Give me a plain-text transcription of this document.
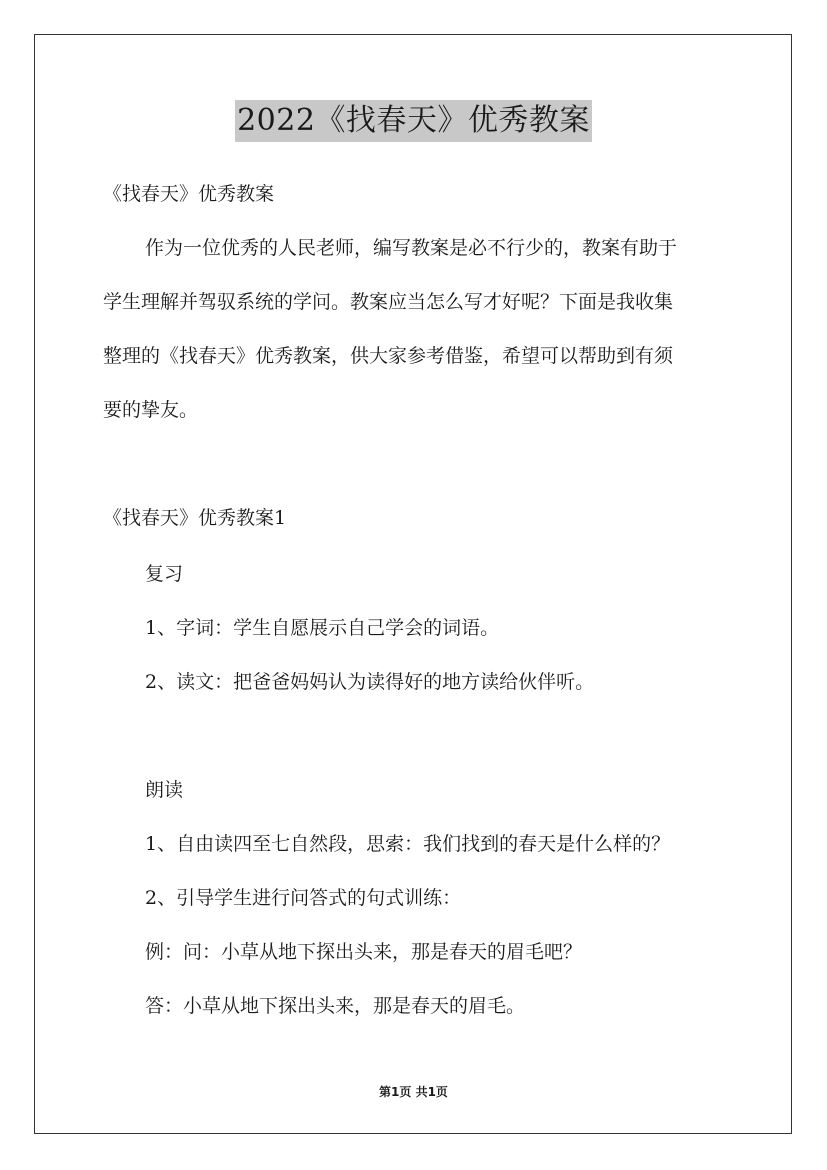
2022《找春天》优秀教案
《找春天》优秀教案
作为一位优秀的人民老师，编写教案是必不行少的，教案有助于
学生理解并驾驭系统的学问。教案应当怎么写才好呢？下面是我收集
整理的《找春天》优秀教案，供大家参考借鉴，希望可以帮助到有须
要的挚友。
《找春天》优秀教案1
复习
1、字词：学生自愿展示自己学会的词语。
2、读文：把爸爸妈妈认为读得好的地方读给伙伴听。
朗读
1、自由读四至七自然段，思索：我们找到的春天是什么样的？
2、引导学生进行问答式的句式训练：
例：问：小草从地下探出头来，那是春天的眉毛吧？
答：小草从地下探出头来，那是春天的眉毛。
第1页 共1页
